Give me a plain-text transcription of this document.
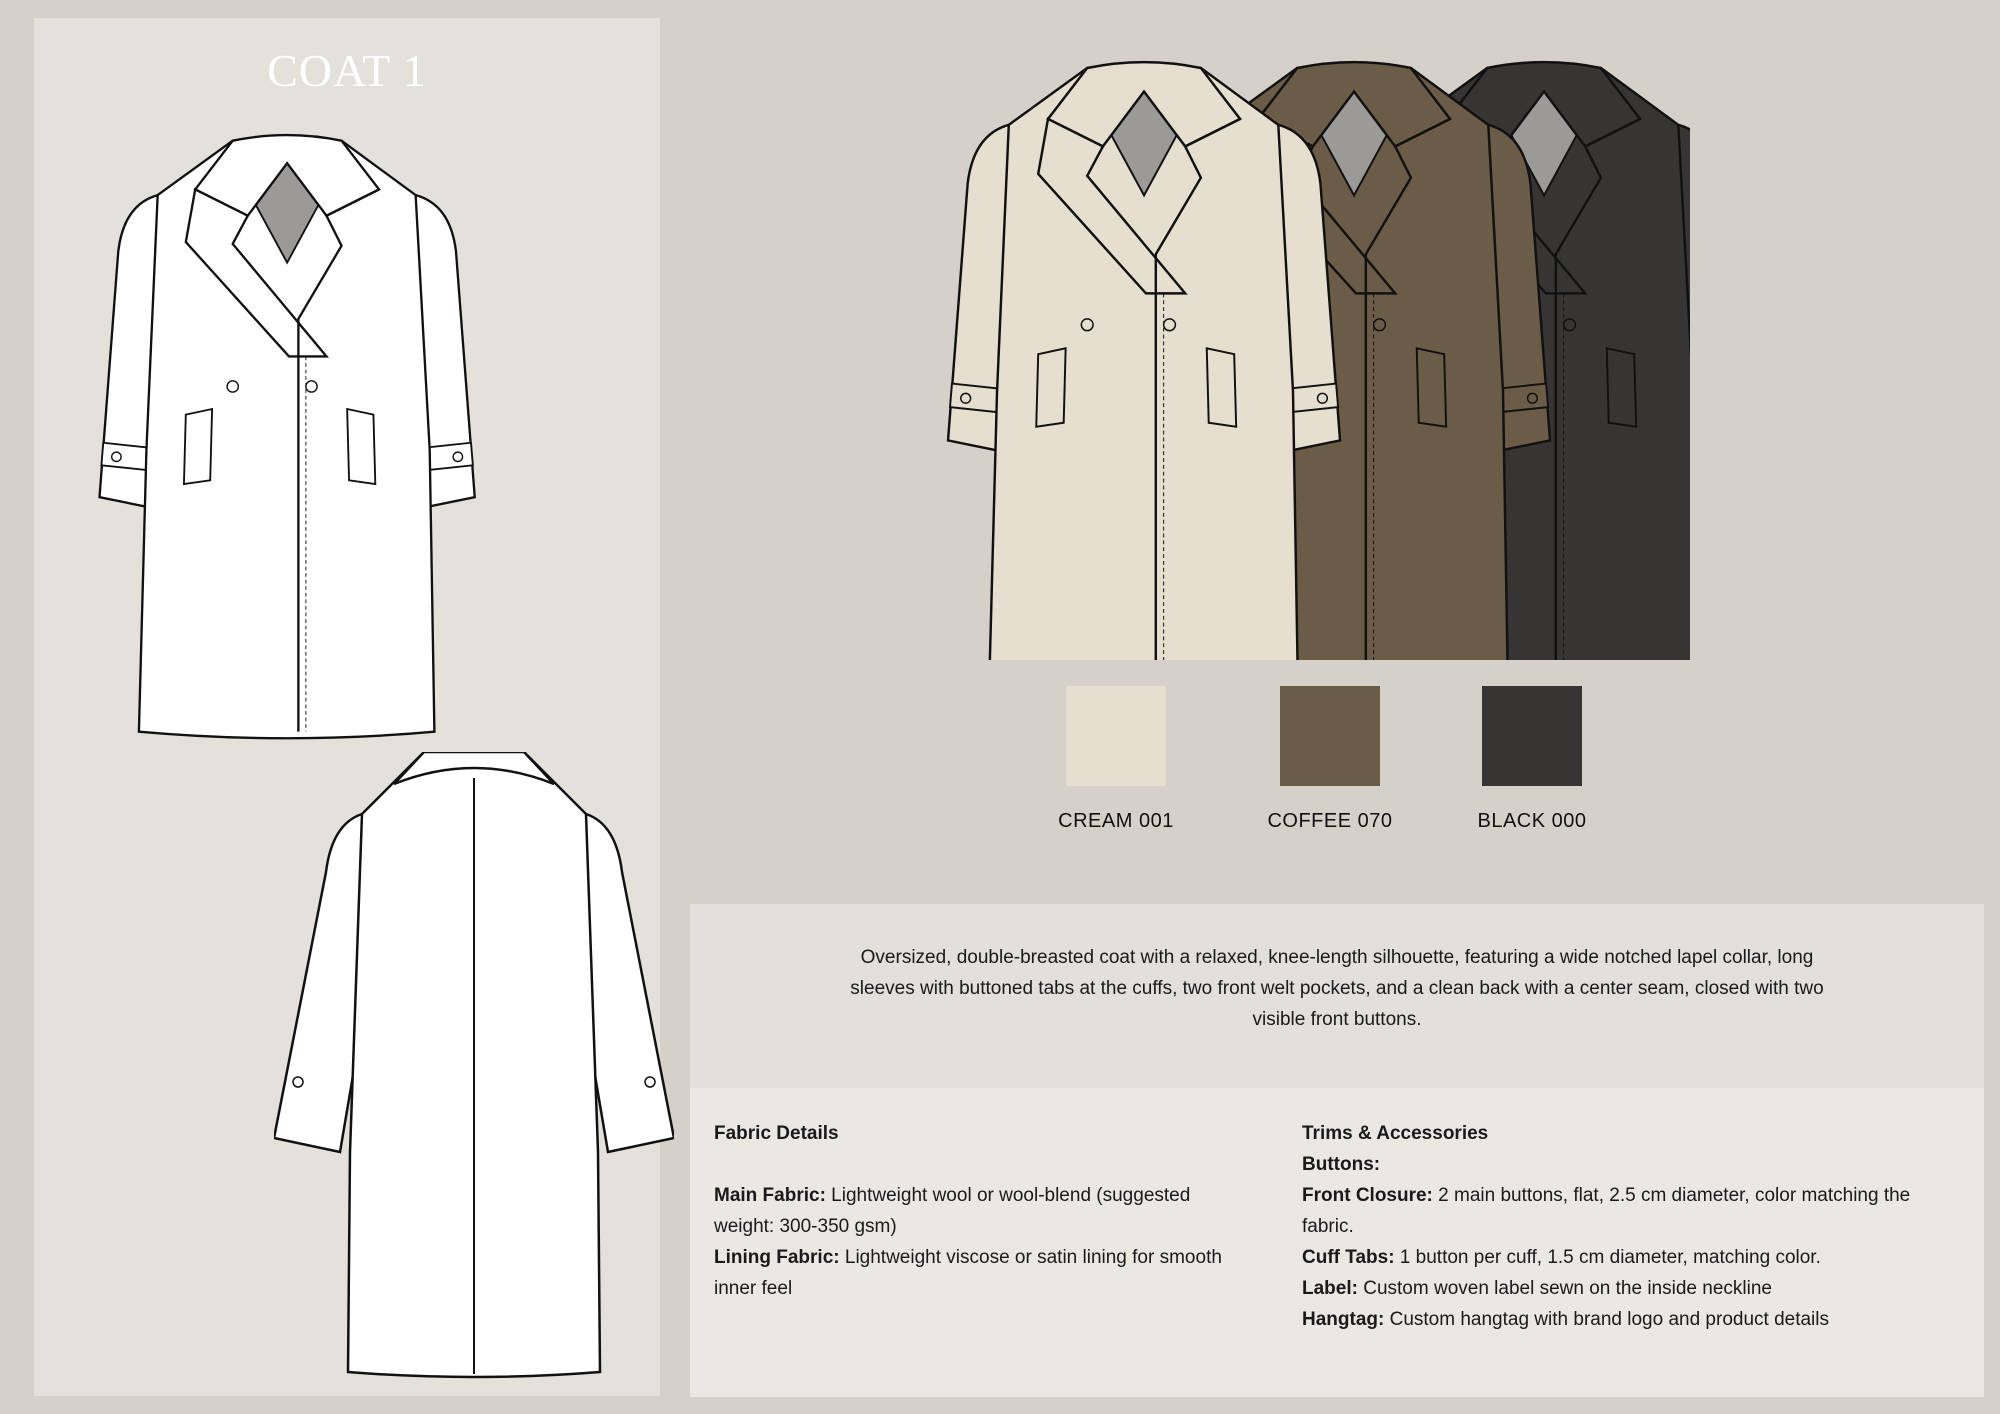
COAT 1
CREAM 001	COFFEE 070	BLACK 000
Oversized, double-breasted coat with a relaxed, knee-length silhouette, featuring a wide notched lapel collar, long sleeves with buttoned tabs at the cuffs, two front welt pockets, and a clean back with a center seam, closed with two visible front buttons.
Fabric Details
Main Fabric: Lightweight wool or wool-blend (suggested weight: 300-350 gsm)
Lining Fabric: Lightweight viscose or satin lining for smooth inner feel
Trims & Accessories
Buttons:
Front Closure: 2 main buttons, flat, 2.5 cm diameter, color matching the fabric.
Cuff Tabs: 1 button per cuff, 1.5 cm diameter, matching color.
Label: Custom woven label sewn on the inside neckline
Hangtag: Custom hangtag with brand logo and product details
